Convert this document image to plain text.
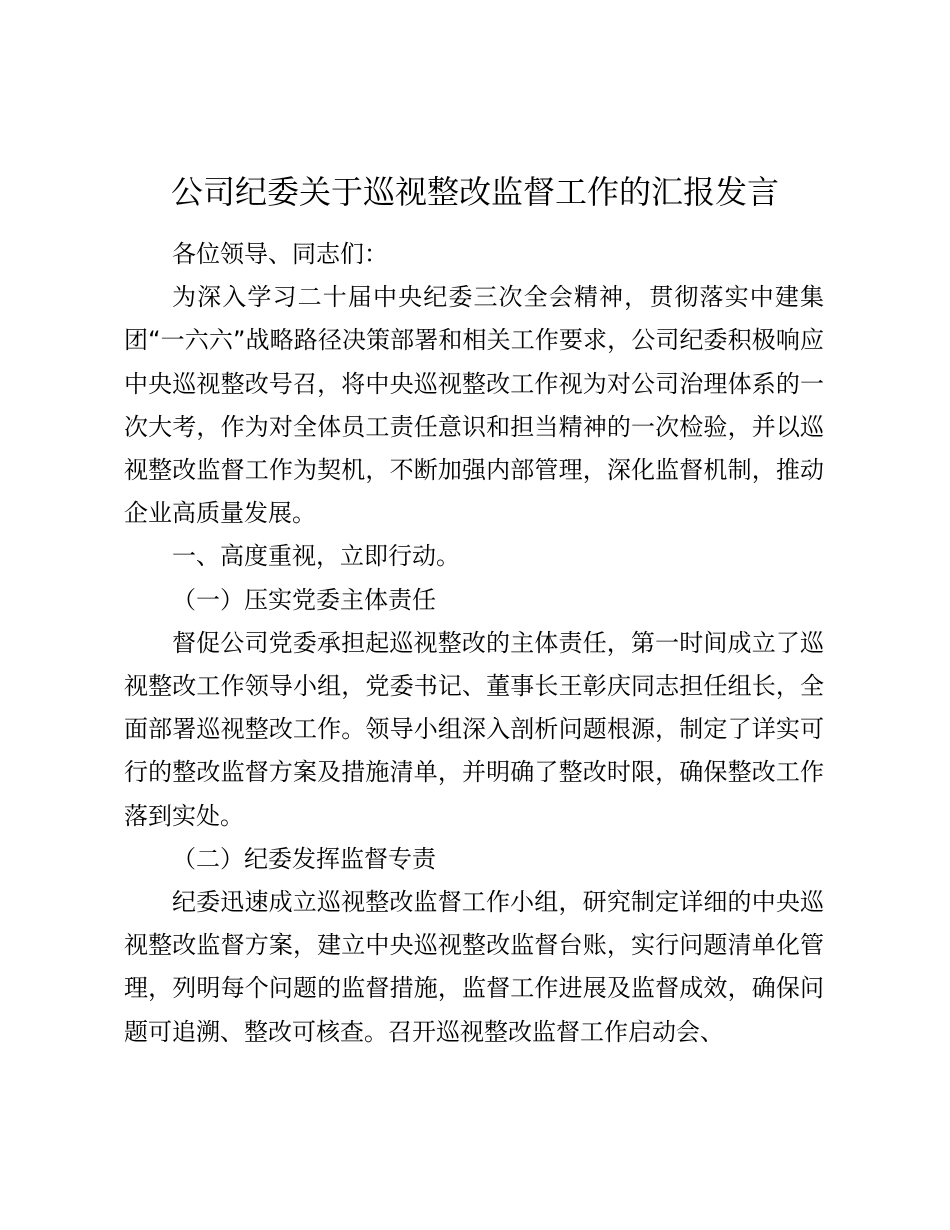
公司纪委关于巡视整改监督工作的汇报发言

各位领导、同志们：

为深入学习二十届中央纪委三次全会精神，贯彻落实中建集团“一六六”战略路径决策部署和相关工作要求，公司纪委积极响应中央巡视整改号召，将中央巡视整改工作视为对公司治理体系的一次大考，作为对全体员工责任意识和担当精神的一次检验，并以巡视整改监督工作为契机，不断加强内部管理，深化监督机制，推动企业高质量发展。

一、高度重视，立即行动。

（一）压实党委主体责任

督促公司党委承担起巡视整改的主体责任，第一时间成立了巡视整改工作领导小组，党委书记、董事长王彰庆同志担任组长，全面部署巡视整改工作。领导小组深入剖析问题根源，制定了详实可行的整改监督方案及措施清单，并明确了整改时限，确保整改工作落到实处。

（二）纪委发挥监督专责

纪委迅速成立巡视整改监督工作小组，研究制定详细的中央巡视整改监督方案，建立中央巡视整改监督台账，实行问题清单化管理，列明每个问题的监督措施，监督工作进展及监督成效，确保问题可追溯、整改可核查。召开巡视整改监督工作启动会、
